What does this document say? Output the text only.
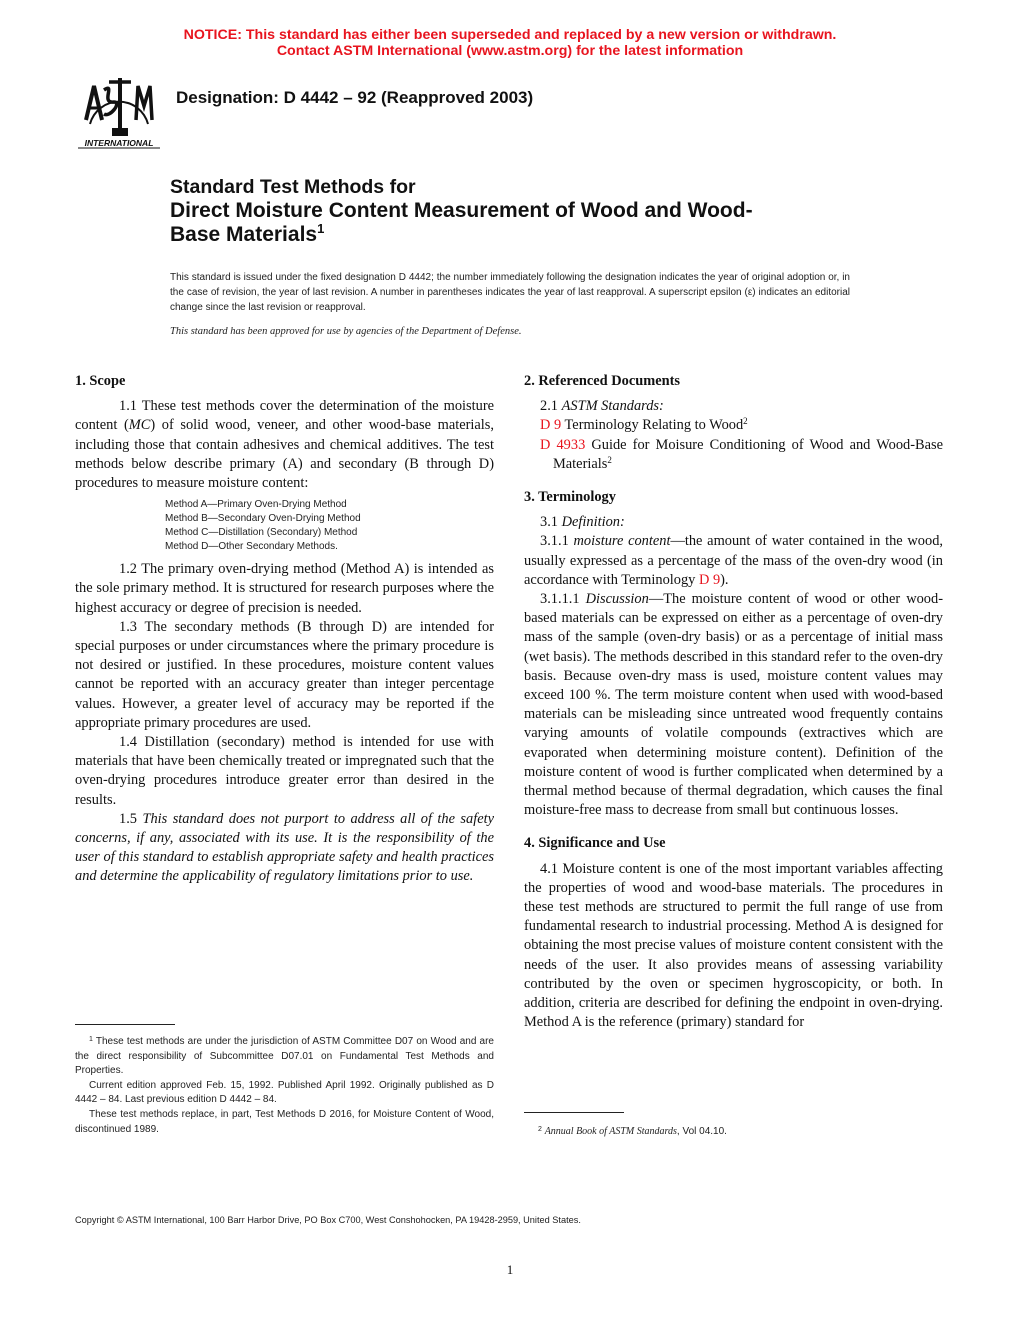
NOTICE: This standard has either been superseded and replaced by a new version or withdrawn.
Contact ASTM International (www.astm.org) for the latest information
INTERNATIONAL
Designation: D 4442 – 92 (Reapproved 2003)
Standard Test Methods for
Direct Moisture Content Measurement of Wood and Wood-
Base Materials$^1$
This standard is issued under the fixed designation D 4442; the number immediately following the designation indicates the year of original adoption or, in the case of revision, the year of last revision. A number in parentheses indicates the year of last reapproval. A superscript epsilon (ε) indicates an editorial change since the last revision or reapproval.
This standard has been approved for use by agencies of the Department of Defense.

1. Scope

1.1 These test methods cover the determination of the moisture content (MC) of solid wood, veneer, and other wood-base materials, including those that contain adhesives and chemical additives. The test methods below describe primary (A) and secondary (B through D) procedures to measure moisture content:

Method A—Primary Oven-Drying Method
Method B—Secondary Oven-Drying Method
Method C—Distillation (Secondary) Method
Method D—Other Secondary Methods.

1.2 The primary oven-drying method (Method A) is intended as the sole primary method. It is structured for research purposes where the highest accuracy or degree of precision is needed.

1.3 The secondary methods (B through D) are intended for special purposes or under circumstances where the primary procedure is not desired or justified. In these procedures, moisture content values cannot be reported with an accuracy greater than integer percentage values. However, a greater level of accuracy may be reported if the appropriate primary procedures are used.

1.4 Distillation (secondary) method is intended for use with materials that have been chemically treated or impregnated such that the oven-drying procedures introduce greater error than desired in the results.

1.5 This standard does not purport to address all of the safety concerns, if any, associated with its use. It is the responsibility of the user of this standard to establish appropriate safety and health practices and determine the applicability of regulatory limitations prior to use.

$^1$ These test methods are under the jurisdiction of ASTM Committee D07 on Wood and are the direct responsibility of Subcommittee D07.01 on Fundamental Test Methods and Properties.

Current edition approved Feb. 15, 1992. Published April 1992. Originally published as D 4442 – 84. Last previous edition D 4442 – 84.

These test methods replace, in part, Test Methods D 2016, for Moisture Content of Wood, discontinued 1989.

2. Referenced Documents

2.1 ASTM Standards:

D 9 Terminology Relating to Wood$^2$

D 4933 Guide for Moisure Conditioning of Wood and Wood-Base Materials$^2$

3. Terminology

3.1 Definition:

3.1.1 moisture content—the amount of water contained in the wood, usually expressed as a percentage of the mass of the oven-dry wood (in accordance with Terminology D 9).

3.1.1.1 Discussion—The moisture content of wood or other wood-based materials can be expressed on either as a percentage of oven-dry mass of the sample (oven-dry basis) or as a percentage of initial mass (wet basis). The methods described in this standard refer to the oven-dry basis. Because oven-dry mass is used, moisture content values may exceed 100 %. The term moisture content when used with wood-based materials can be misleading since untreated wood frequently contains varying amounts of volatile compounds (extractives which are evaporated when determining moisture content). Definition of the moisture content of wood is further complicated when determined by a thermal method because of thermal degradation, which causes the final moisture-free mass to decrease from small but continuous losses.

4. Significance and Use

4.1 Moisture content is one of the most important variables affecting the properties of wood and wood-base materials. The procedures in these test methods are structured to permit the full range of use from fundamental research to industrial processing. Method A is designed for obtaining the most precise values of moisture content consistent with the needs of the user. It also provides means of assessing variability contributed by the oven or specimen hygroscopicity, or both. In addition, criteria are described for defining the endpoint in oven-drying. Method A is the reference (primary) standard for

$^2$ Annual Book of ASTM Standards, Vol 04.10.

Copyright © ASTM International, 100 Barr Harbor Drive, PO Box C700, West Conshohocken, PA 19428-2959, United States.
1
